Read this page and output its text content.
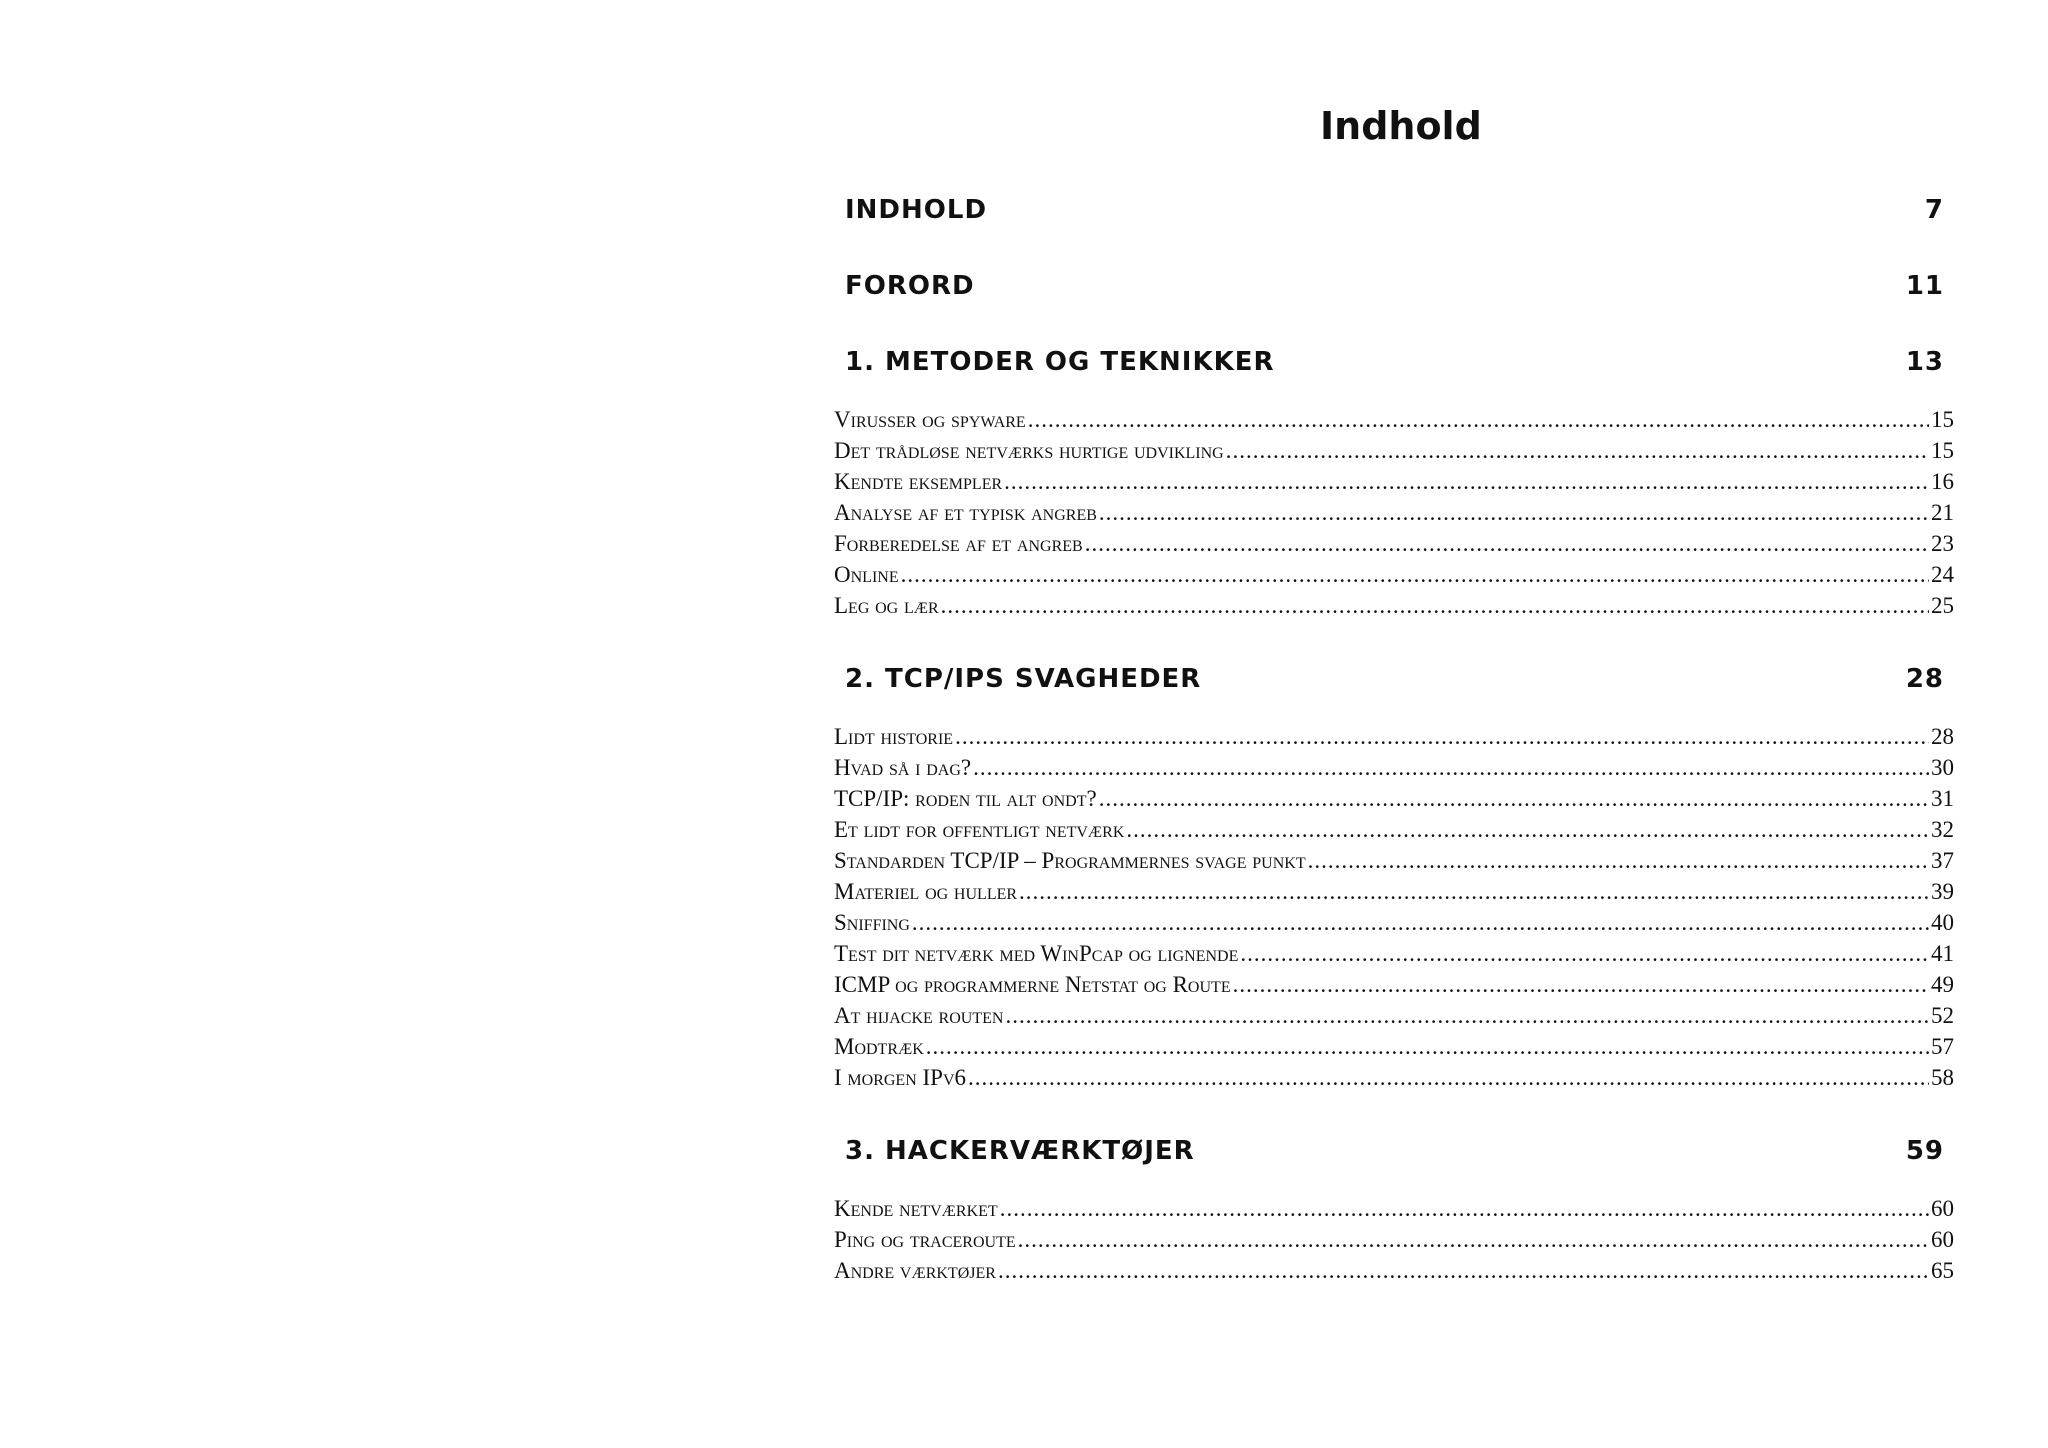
Indhold
INDHOLD	7
FORORD	11
1. METODER OG TEKNIKKER	13
Virusser og spyware .....	15
Det trådløse netværks hurtige udvikling .....	15
Kendte eksempler .....	16
Analyse af et typisk angreb .....	21
Forberedelse af et angreb .....	23
Online .....	24
Leg og lær .....	25
2. TCP/IPS SVAGHEDER	28
Lidt historie .....	28
Hvad så i dag? .....	30
TCP/IP: roden til alt ondt? .....	31
Et lidt for offentligt netværk .....	32
Standarden TCP/IP – Programmernes svage punkt .....	37
Materiel og huller .....	39
Sniffing .....	40
Test dit netværk med WinPcap og lignende .....	41
ICMP og programmerne Netstat og Route .....	49
At hijacke routen .....	52
Modtræk .....	57
I morgen IPv6 .....	58
3. HACKERVÆRKTØJER	59
Kende netværket .....	60
Ping og traceroute .....	60
Andre værktøjer .....	65
